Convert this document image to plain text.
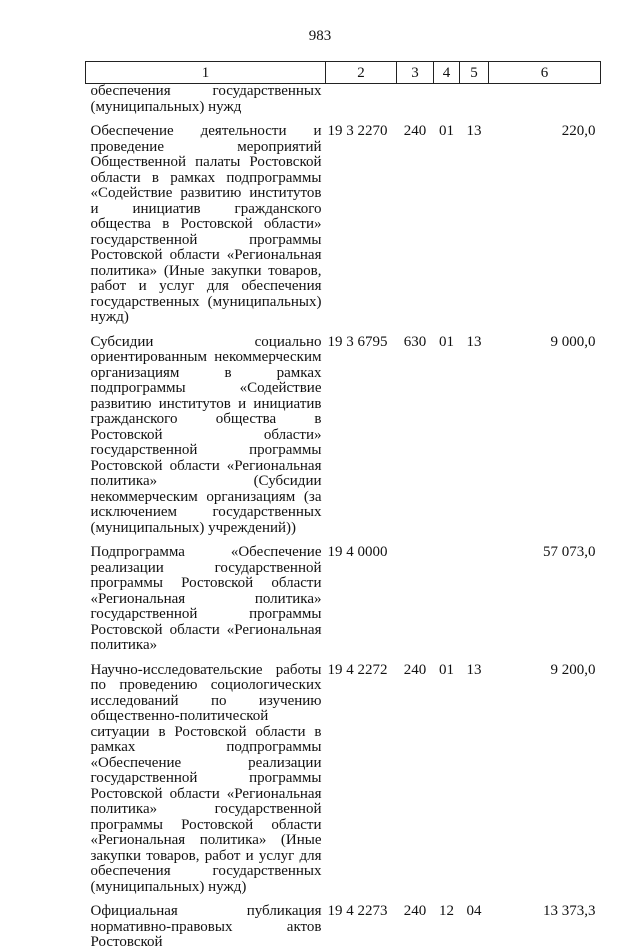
983
1	2	3	4	5	6
обеспечения государственных (муниципальных) нужд					

Обеспечение деятельности и проведение мероприятий Общественной палаты Ростовской области в рамках подпрограммы «Содействие развитию институтов и инициатив гражданского общества в Ростовской области» государственной программы Ростовской области «Региональная политика» (Иные закупки товаров, работ и услуг для обеспечения государственных (муниципальных) нужд)	19 3 2270	240	01	13	220,0

Субсидии социально ориентированным некоммерческим организациям в рамках подпрограммы «Содействие развитию институтов и инициатив гражданского общества в Ростовской области» государственной программы Ростовской области «Региональная политика» (Субсидии некоммерческим организациям (за исключением государственных (муниципальных) учреждений))	19 3 6795	630	01	13	9 000,0

Подпрограмма «Обеспечение реализации государственной программы Ростовской области «Региональная политика» государственной программы Ростовской области «Региональная политика»	19 4 0000				57 073,0

Научно-исследовательские работы по проведению социологических исследований по изучению общественно-политической ситуации в Ростовской области в рамках подпрограммы «Обеспечение реализации государственной программы Ростовской области «Региональная политика» государственной программы Ростовской области «Региональная политика» (Иные закупки товаров, работ и услуг для обеспечения государственных (муниципальных) нужд)	19 4 2272	240	01	13	9 200,0

Официальная публикация нормативно-правовых актов Ростовской	19 4 2273	240	12	04	13 373,3
